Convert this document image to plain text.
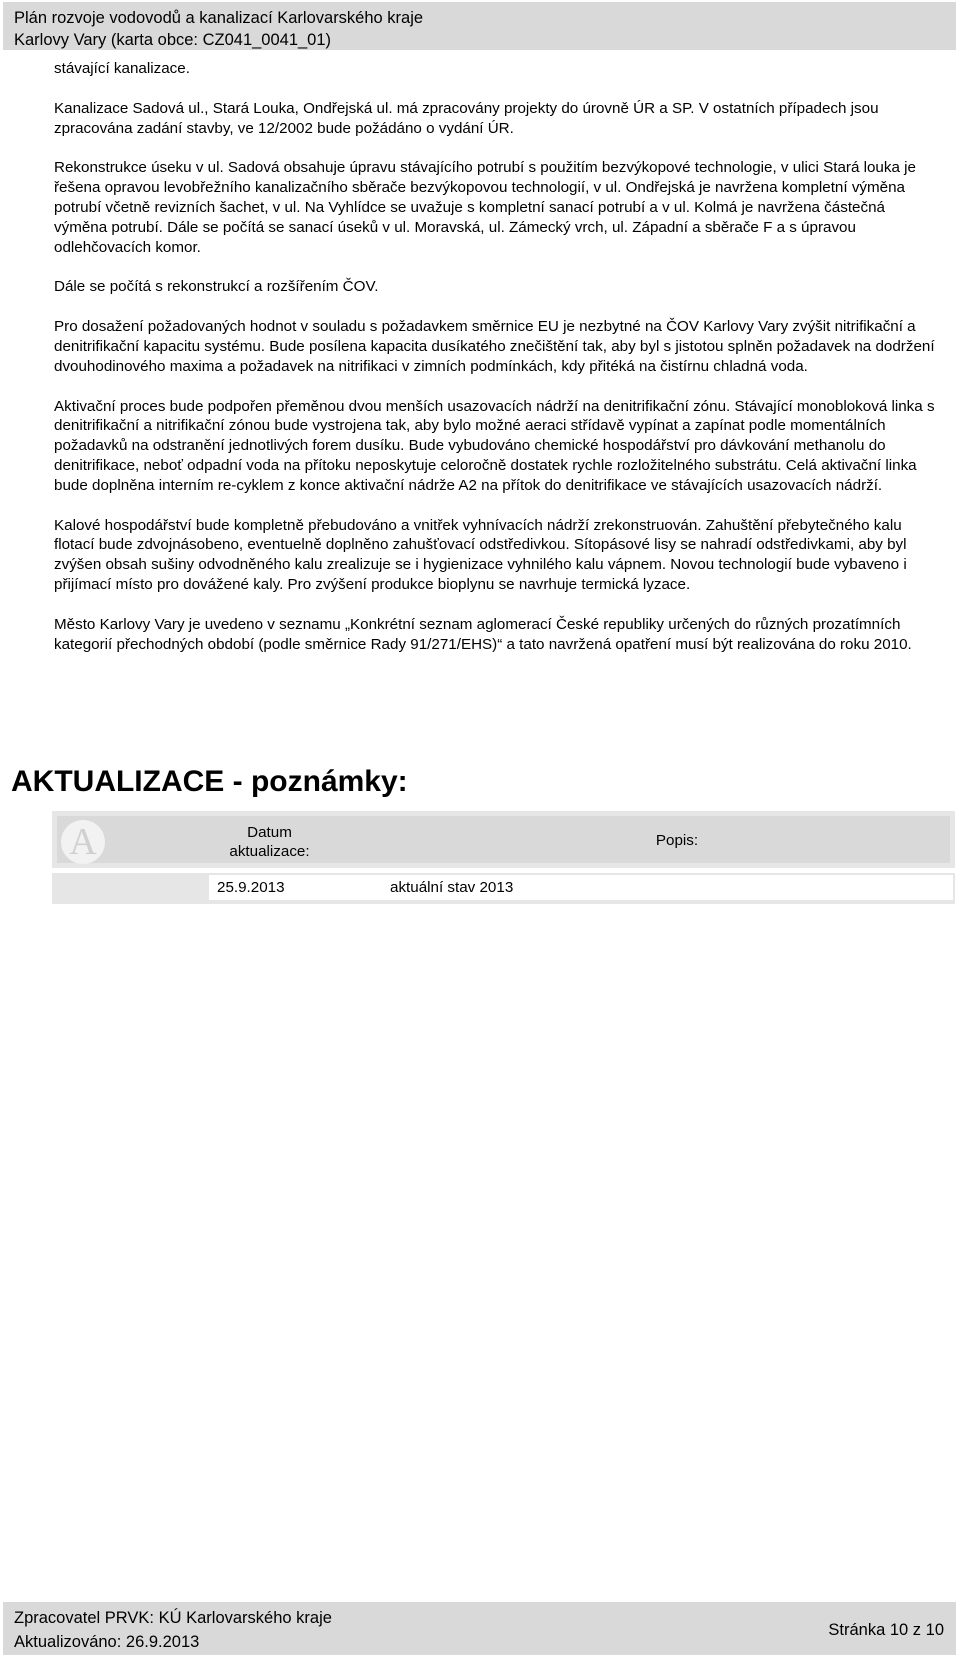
Plán rozvoje vodovodů a kanalizací Karlovarského kraje
Karlovy Vary (karta obce: CZ041_0041_01)

stávající kanalizace.

Kanalizace Sadová ul., Stará Louka, Ondřejská ul. má zpracovány projekty do úrovně ÚR a SP. V ostatních případech jsou zpracována zadání stavby, ve 12/2002 bude požádáno o vydání ÚR.

Rekonstrukce úseku v ul. Sadová obsahuje úpravu stávajícího potrubí s použitím bezvýkopové technologie, v ulici Stará louka je řešena opravou levobřežního kanalizačního sběrače bezvýkopovou technologií, v ul. Ondřejská je navržena kompletní výměna potrubí včetně revizních šachet, v ul. Na Vyhlídce se uvažuje s kompletní sanací potrubí a v ul. Kolmá je navržena částečná výměna potrubí. Dále se počítá se sanací úseků v ul. Moravská, ul. Zámecký vrch, ul. Západní a sběrače F a s úpravou odlehčovacích komor.

Dále se počítá s rekonstrukcí a rozšířením ČOV.

Pro dosažení požadovaných hodnot v souladu s požadavkem směrnice EU je nezbytné na ČOV Karlovy Vary zvýšit nitrifikační a denitrifikační kapacitu systému. Bude posílena kapacita dusíkatého znečištění tak, aby byl s jistotou splněn požadavek na dodržení dvouhodinového maxima a požadavek na nitrifikaci v zimních podmínkách, kdy přitéká na čistírnu chladná voda.

Aktivační proces bude podpořen přeměnou dvou menších usazovacích nádrží na denitrifikační zónu. Stávající monobloková linka s denitrifikační a nitrifikační zónou bude vystrojena tak, aby bylo možné aeraci střídavě vypínat a zapínat podle momentálních požadavků na odstranění jednotlivých forem dusíku. Bude vybudováno chemické hospodářství pro dávkování methanolu do denitrifikace, neboť odpadní voda na přítoku neposkytuje celoročně dostatek rychle rozložitelného substrátu. Celá aktivační linka bude doplněna interním re-cyklem z konce aktivační nádrže A2 na přítok do denitrifikace ve stávajících usazovacích nádrží.

Kalové hospodářství bude kompletně přebudováno a vnitřek vyhnívacích nádrží zrekonstruován. Zahuštění přebytečného kalu flotací bude zdvojnásobeno, eventuelně doplněno zahušťovací odstředivkou. Sítopásové lisy se nahradí odstředivkami, aby byl zvýšen obsah sušiny odvodněného kalu zrealizuje se i hygienizace vyhnilého kalu vápnem. Novou technologií bude vybaveno i přijímací místo pro dovážené kaly. Pro zvýšení produkce bioplynu se navrhuje termická lyzace.

Město Karlovy Vary je uvedeno v seznamu „Konkrétní seznam aglomerací České republiky určených do různých prozatímních kategorií přechodných období (podle směrnice Rady 91/271/EHS)“ a tato navržená opatření musí být realizována do roku 2010.

AKTUALIZACE - poznámky:
A	Datum aktualizace:
Popis:
25.9.2013	aktuální stav 2013
Zpracovatel PRVK: KÚ Karlovarského kraje
Aktualizováno: 26.9.2013
Stránka 10 z 10
